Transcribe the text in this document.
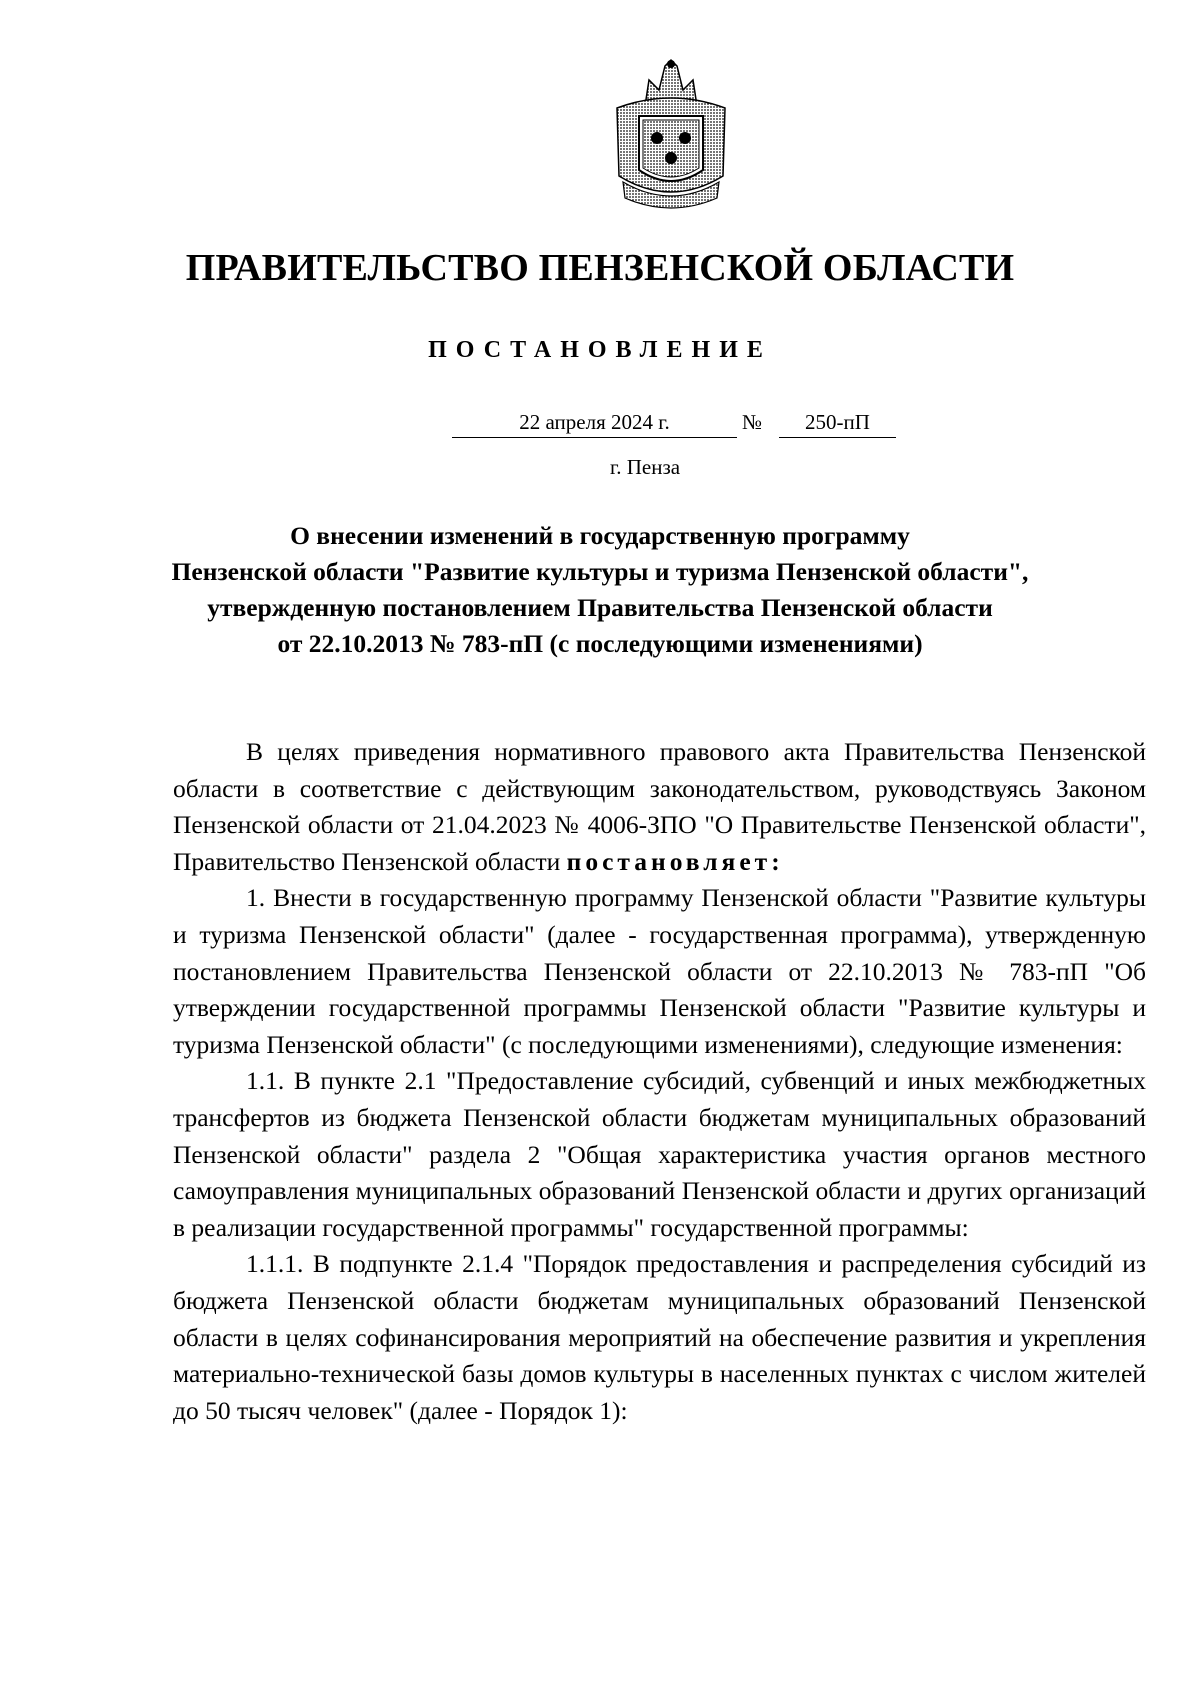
ПРАВИТЕЛЬСТВО ПЕНЗЕНСКОЙ ОБЛАСТИ
ПОСТАНОВЛЕНИЕ
22 апреля 2024 г.	№	250-пП
г. Пенза
О внесении изменений в государственную программу
Пензенской области "Развитие культуры и туризма Пензенской области",
утвержденную постановлением Правительства Пензенской области
от 22.10.2013 № 783-пП (с последующими изменениями)

В целях приведения нормативного правового акта Правительства Пензенской области в соответствие с действующим законодательством, руководствуясь Законом Пензенской области от 21.04.2023 № 4006-ЗПО "О Правительстве Пензенской области", Правительство Пензенской области постановляет:

1. Внести в государственную программу Пензенской области "Развитие культуры и туризма Пензенской области" (далее - государственная программа), утвержденную постановлением Правительства Пензенской области от 22.10.2013 № 783-пП "Об утверждении государственной программы Пензенской области "Развитие культуры и туризма Пензенской области" (с последующими изменениями), следующие изменения:

1.1. В пункте 2.1 "Предоставление субсидий, субвенций и иных межбюджетных трансфертов из бюджета Пензенской области бюджетам муниципальных образований Пензенской области" раздела 2 "Общая характеристика участия органов местного самоуправления муниципальных образований Пензенской области и других организаций в реализации государственной программы" государственной программы:

1.1.1. В подпункте 2.1.4 "Порядок предоставления и распределения субсидий из бюджета Пензенской области бюджетам муниципальных образований Пензенской области в целях софинансирования мероприятий на обеспечение развития и укрепления материально-технической базы домов культуры в населенных пунктах с числом жителей до 50 тысяч человек" (далее - Порядок 1):
